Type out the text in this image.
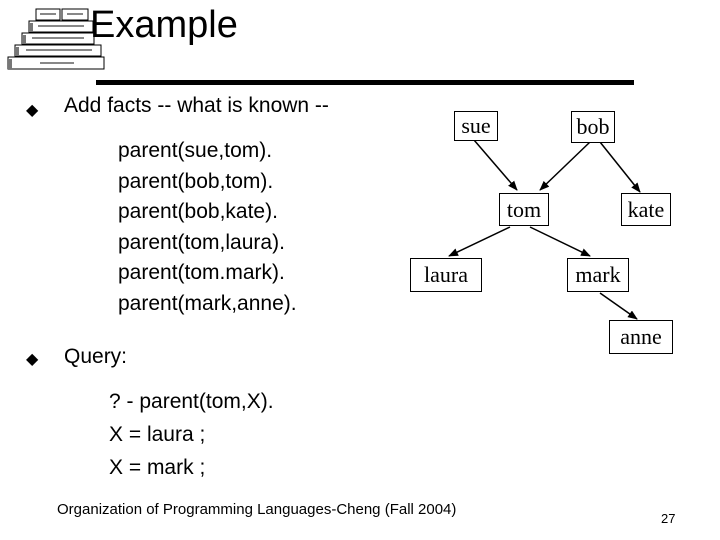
Example
◆ Add facts -- what is known --
parent(sue,tom).
parent(bob,tom).
parent(bob,kate).
parent(tom,laura).
parent(tom.mark).
parent(mark,anne).
◆ Query:
? - parent(tom,X).
X = laura ;
X = mark ;
sue	bob
tom	kate
laura	mark
anne
Organization of Programming Languages-Cheng (Fall 2004)
27
